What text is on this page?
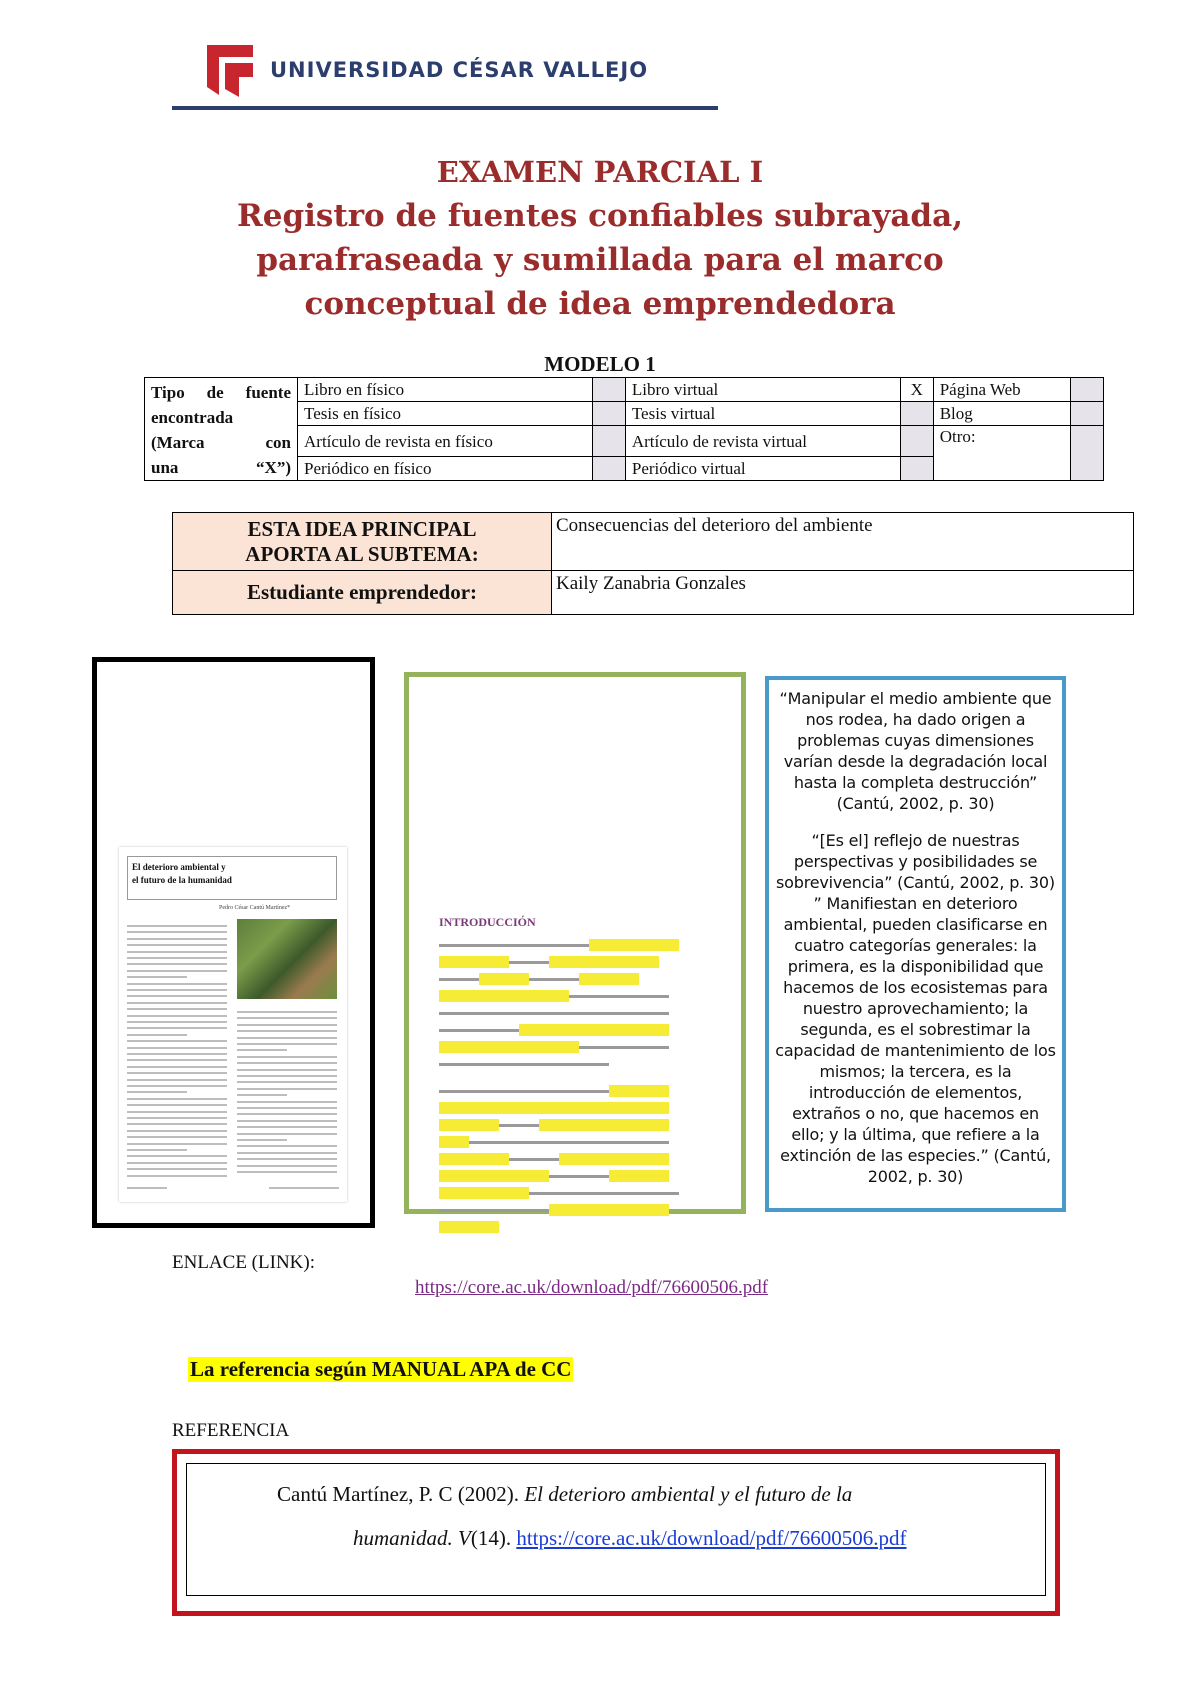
UNIVERSIDAD CÉSAR VALLEJO
EXAMEN PARCIAL I
Registro de fuentes confiables subrayada,
parafraseada y sumillada para el marco
conceptual de idea emprendedora
MODELO 1
Tipo de fuente
encontrada
(Marca con
una “X”)	Libro en físico		Libro virtual	X	Página Web	
	Tesis en físico		Tesis virtual		Blog	
	Artículo de revista en físico		Artículo de revista virtual		Otro:	
	Periódico en físico		Periódico virtual			
ESTA IDEA PRINCIPAL
APORTA AL SUBTEMA:	Consecuencias del deterioro del ambiente
Estudiante emprendedor:	Kaily Zanabria Gonzales
El deterioro ambiental y
el futuro de la humanidad
Pedro César Cantú Martínez*
INTRODUCCIÓN

“Manipular el medio ambiente que nos rodea, ha dado origen a problemas cuyas dimensiones varían desde la degradación local hasta la completa destrucción” (Cantú, 2002, p. 30)

“[Es el] reflejo de nuestras perspectivas y posibilidades se sobrevivencia” (Cantú, 2002, p. 30)

” Manifiestan en deterioro ambiental, pueden clasificarse en cuatro categorías generales: la primera, es la disponibilidad que hacemos de los ecosistemas para nuestro aprovechamiento; la segunda, es el sobrestimar la capacidad de mantenimiento de los mismos; la tercera, es la introducción de elementos, extraños o no, que hacemos en ello; y la última, que refiere a la extinción de las especies.” (Cantú, 2002, p. 30)

ENLACE (LINK):
https://core.ac.uk/download/pdf/76600506.pdf
La referencia según MANUAL APA de CC
REFERENCIA
Cantú Martínez, P. C (2002). El deterioro ambiental y el futuro de la
humanidad. V(14). https://core.ac.uk/download/pdf/76600506.pdf
